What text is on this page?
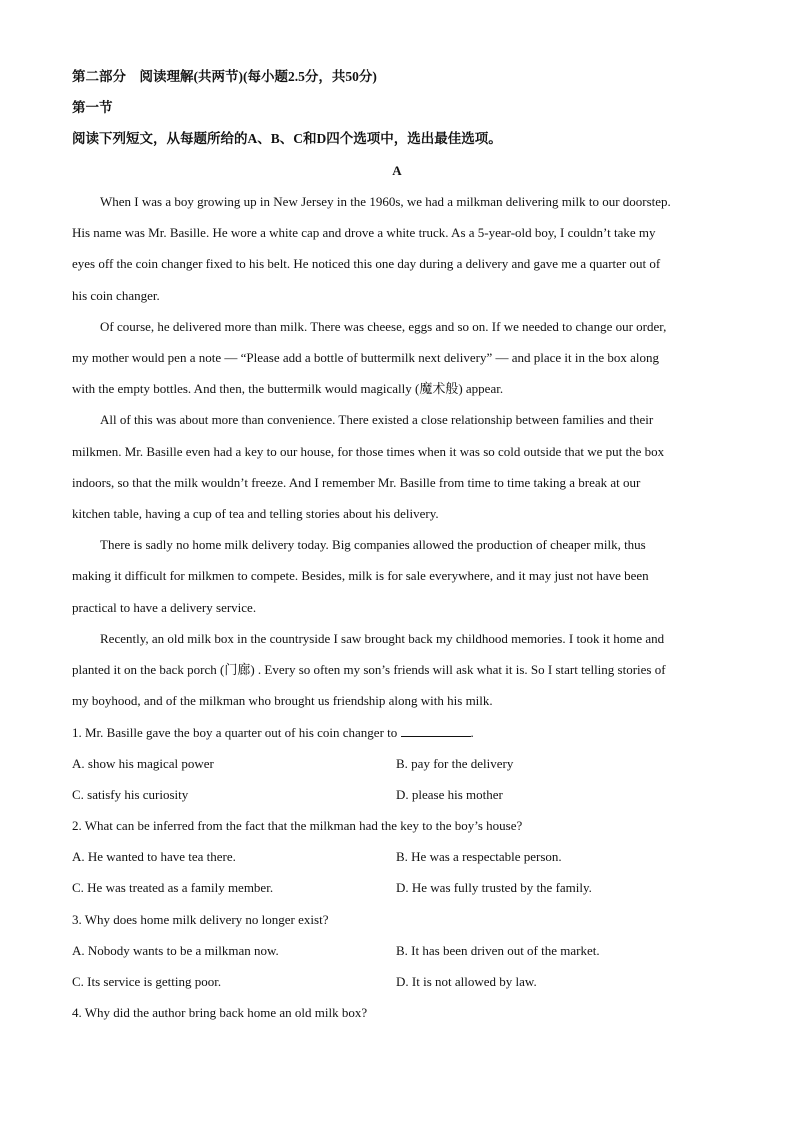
第二部分　阅读理解(共两节)(每小题2.5分，共50分)
第一节
阅读下列短文，从每题所给的A、B、C和D四个选项中，选出最佳选项。
A
When I was a boy growing up in New Jersey in the 1960s, we had a milkman delivering milk to our doorstep.
His name was Mr. Basille. He wore a white cap and drove a white truck. As a 5-year-old boy, I couldn’t take my
eyes off the coin changer fixed to his belt. He noticed this one day during a delivery and gave me a quarter out of
his coin changer.
Of course, he delivered more than milk. There was cheese, eggs and so on. If we needed to change our order,
my mother would pen a note — “Please add a bottle of buttermilk next delivery” — and place it in the box along
with the empty bottles. And then, the buttermilk would magically (魔术般) appear.
All of this was about more than convenience. There existed a close relationship between families and their
milkmen. Mr. Basille even had a key to our house, for those times when it was so cold outside that we put the box
indoors, so that the milk wouldn’t freeze. And I remember Mr. Basille from time to time taking a break at our
kitchen table, having a cup of tea and telling stories about his delivery.
There is sadly no home milk delivery today. Big companies allowed the production of cheaper milk, thus
making it difficult for milkmen to compete. Besides, milk is for sale everywhere, and it may just not have been
practical to have a delivery service.
Recently, an old milk box in the countryside I saw brought back my childhood memories. I took it home and
planted it on the back porch (门廊) . Every so often my son’s friends will ask what it is. So I start telling stories of
my boyhood, and of the milkman who brought us friendship along with his milk.
1. Mr. Basille gave the boy a quarter out of his coin changer to	.
A. show his magical power	B. pay for the delivery
C. satisfy his curiosity	D. please his mother
2. What can be inferred from the fact that the milkman had the key to the boy’s house?
A. He wanted to have tea there.	B. He was a respectable person.
C. He was treated as a family member.	D. He was fully trusted by the family.
3. Why does home milk delivery no longer exist?
A. Nobody wants to be a milkman now.	B. It has been driven out of the market.
C. Its service is getting poor.	D. It is not allowed by law.
4. Why did the author bring back home an old milk box?
